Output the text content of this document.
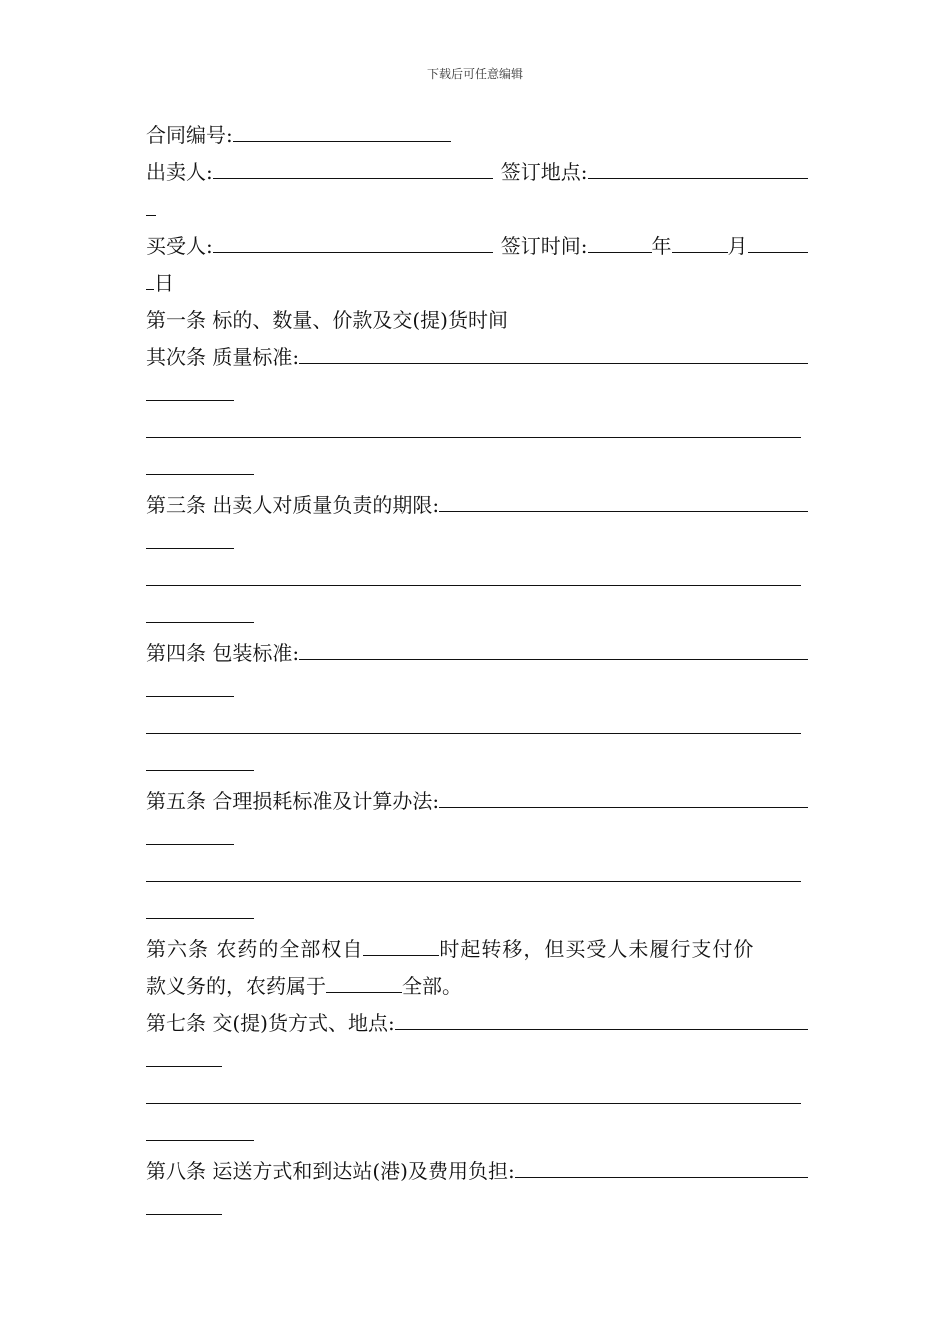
下载后可任意编辑
合同编号:
出卖人:	签订地点:
买受人:	签订时间:	年	月
日
第一条 标的、数量、价款及交(提)货时间
其次条 质量标准:
第三条 出卖人对质量负责的期限:
第四条 包装标准:
第五条 合理损耗标准及计算办法:
第六条 农药的全部权自	时起转移，但买受人未履行支付价
款义务的，农药属于	全部。
第七条 交(提)货方式、地点:
第八条 运送方式和到达站(港)及费用负担:
